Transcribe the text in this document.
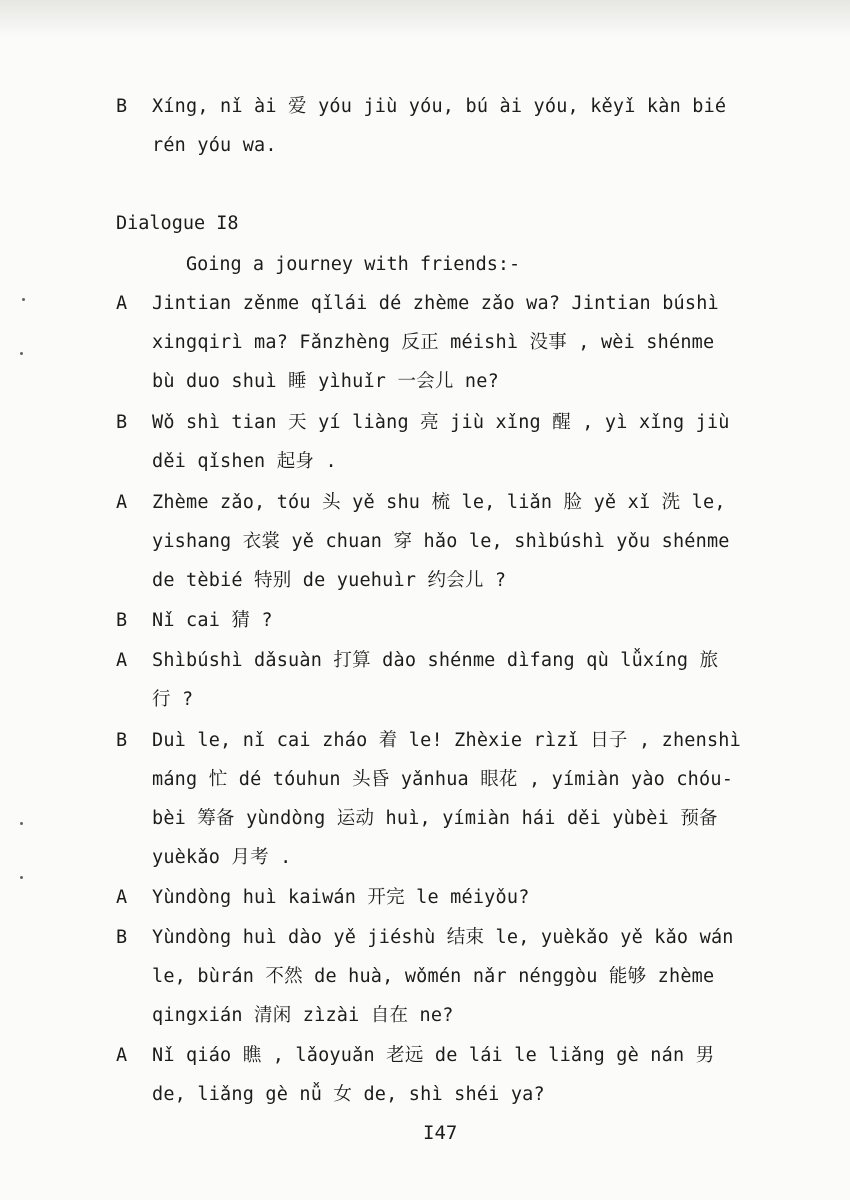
B	Xíng, nǐ ài 爱 yóu jiù yóu, bú ài yóu, kěyǐ kàn bié
rén yóu wa.
Dialogue I8
Going a journey with friends:-
A	Jintian zěnme qǐlái dé zhème zǎo wa? Jintian búshì
xingqirì ma? Fǎnzhèng 反正 méishì 没事 , wèi shénme
bù duo shuì 睡 yìhuǐr 一会儿 ne?
B	Wǒ shì tian 天 yí liàng 亮 jiù xǐng 醒 , yì xǐng jiù
děi qǐshen 起身 .
A	Zhème zǎo, tóu 头 yě shu 梳 le, liǎn 脸 yě xǐ 洗 le,
yishang 衣裳 yě chuan 穿 hǎo le, shìbúshì yǒu shénme
de tèbié 特别 de yuehuìr 约会儿 ?
B	Nǐ cai 猜 ?
A	Shìbúshì dǎsuàn 打算 dào shénme dìfang qù lǚxíng 旅
行 ?
B	Duì le, nǐ cai zháo 着 le! Zhèxie rìzǐ 日子 , zhenshì
máng 忙 dé tóuhun 头昏 yǎnhua 眼花 , yímiàn yào chóu-
bèi 筹备 yùndòng 运动 huì, yímiàn hái děi yùbèi 预备
yuèkǎo 月考 .
A	Yùndòng huì kaiwán 开完 le méiyǒu?
B	Yùndòng huì dào yě jiéshù 结束 le, yuèkǎo yě kǎo wán
le, bùrán 不然 de huà, wǒmén nǎr nénggòu 能够 zhème
qingxián 清闲 zìzài 自在 ne?
A	Nǐ qiáo 瞧 , lǎoyuǎn 老远 de lái le liǎng gè nán 男
de, liǎng gè nǚ 女 de, shì shéi ya?
I47
